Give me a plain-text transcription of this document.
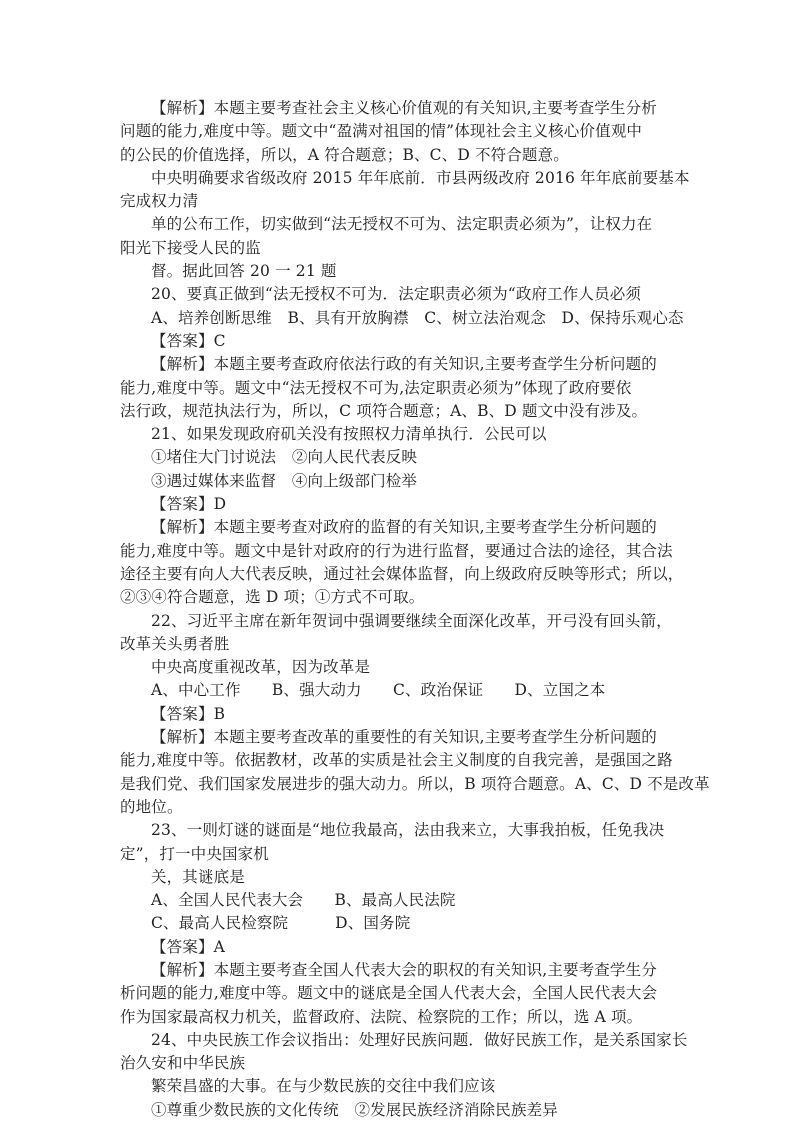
【解析】本题主要考查社会主义核心价值观的有关知识,主要考查学生分析
问题的能力,难度中等。题文中“盈满对祖国的情”体现社会主义核心价值观中
的公民的价值选择，所以，A 符合题意；B、C、D 不符合题意。
中央明确要求省级改府 2015 年年底前．市县两级改府 2016 年年底前要基本
完成权力清
单的公布工作，切实做到“法无授权不可为、法定职责必须为”，让权力在
阳光下接受人民的监
督。据此回答 20 一 21 题
20、要真正做到“法无授权不可为．法定职责必须为“政府工作人员必须
A、培养创断思维　B、具有开放胸襟　C、树立法治观念　D、保持乐观心态
【答案】C
【解析】本题主要考查政府依法行政的有关知识,主要考查学生分析问题的
能力,难度中等。题文中“法无授权不可为,法定职责必须为”体现了政府要依
法行政，规范执法行为，所以，C 项符合题意；A、B、D 题文中没有涉及。
21、如果发现政府矶关没有按照权力清单执行．公民可以
①堵住大门讨说法　②向人民代表反映
③遇过媒体来监督　④向上级部门检举
【答案】D
【解析】本题主要考查对政府的监督的有关知识,主要考查学生分析问题的
能力,难度中等。题文中是针对政府的行为进行监督，要通过合法的途径，其合法
途径主要有向人大代表反映，通过社会媒体监督，向上级政府反映等形式；所以，
②③④符合题意，选 D 项；①方式不可取。
22、习近平主席在新年贺词中强调要继续全面深化改革，开弓没有回头箭，
改革关头勇者胜
中央高度重视改革，因为改革是
A、中心工作　　B、强大动力　　C、政治保证　　D、立国之本
【答案】B
【解析】本题主要考查改革的重要性的有关知识,主要考查学生分析问题的
能力,难度中等。依据教材，改革的实质是社会主义制度的自我完善，是强国之路
是我们党、我们国家发展进步的强大动力。所以，B 项符合题意。A、C、D 不是改革
的地位。
23、一则灯谜的谜面是“地位我最高，法由我来立，大事我拍板，任免我决
定”，打一中央国家机
关，其谜底是
A、全国人民代表大会　　B、最高人民法院
C、最高人民检察院　　　D、国务院
【答案】A
【解析】本题主要考查全国人代表大会的职权的有关知识,主要考查学生分
析问题的能力,难度中等。题文中的谜底是全国人代表大会，全国人民代表大会
作为国家最高权力机关，监督政府、法院、检察院的工作；所以，选 A 项。
24、中央民族工作会议指出：处理好民族问题．做好民族工作，是关系国家长
治久安和中华民族
繁荣昌盛的大事。在与少数民族的交往中我们应该
①尊重少数民族的文化传统　②发展民族经济消除民族差异
